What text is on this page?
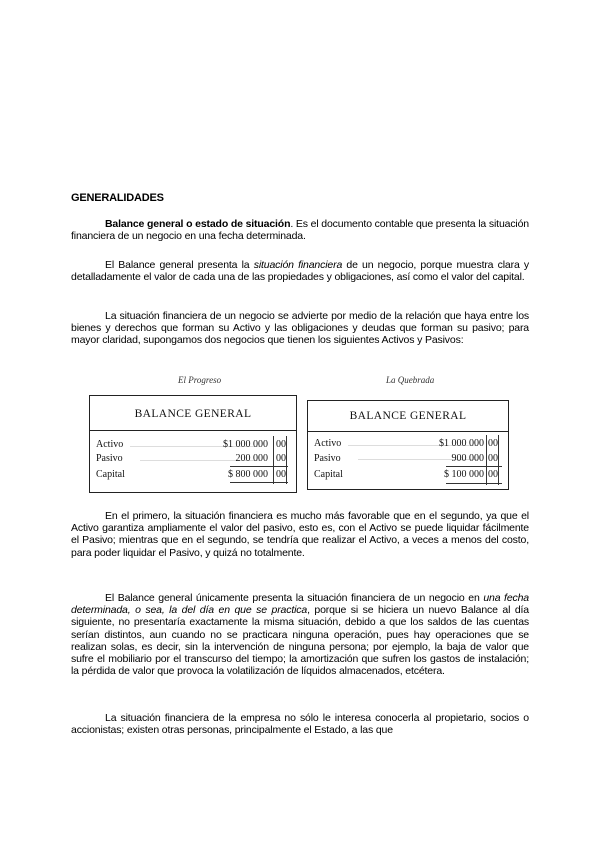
GENERALIDADES

Balance general o estado de situación. Es el documento contable que presenta la situación financiera de un negocio en una fecha determinada.

El Balance general presenta la situación financiera de un negocio, porque muestra clara y detalladamente el valor de cada una de las propiedades y obligaciones, así como el valor del capital.

La situación financiera de un negocio se advierte por medio de la relación que haya entre los bienes y derechos que forman su Activo y las obligaciones y deudas que forman su pasivo; para mayor claridad, supongamos dos negocios que tienen los siguientes Activos y Pasivos:

El Progreso
BALANCE GENERAL
Activo	$1 000 000 00
Pasivo	200 000 00
Capital	$ 800 000 00
La Quebrada
BALANCE GENERAL
Activo	$1 000 000 00
Pasivo	900 000 00
Capital	$ 100 000 00

En el primero, la situación financiera es mucho más favorable que en el segundo, ya que el Activo garantiza ampliamente el valor del pasivo, esto es, con el Activo se puede liquidar fácilmente el Pasivo; mientras que en el segundo, se tendría que realizar el Activo, a veces a menos del costo, para poder liquidar el Pasivo, y quizá no totalmente.

El Balance general únicamente presenta la situación financiera de un negocio en una fecha determinada, o sea, la del día en que se practica, porque si se hiciera un nuevo Balance al día siguiente, no presentaría exactamente la misma situación, debido a que los saldos de las cuentas serían distintos, aun cuando no se practicara ninguna operación, pues hay operaciones que se realizan solas, es decir, sin la intervención de ninguna persona; por ejemplo, la baja de valor que sufre el mobiliario por el transcurso del tiempo; la amortización que sufren los gastos de instalación; la pérdida de valor que provoca la volatilización de líquidos almacenados, etcétera.

La situación financiera de la empresa no sólo le interesa conocerla al propietario, socios o accionistas; existen otras personas, principalmente el Estado, a las que
